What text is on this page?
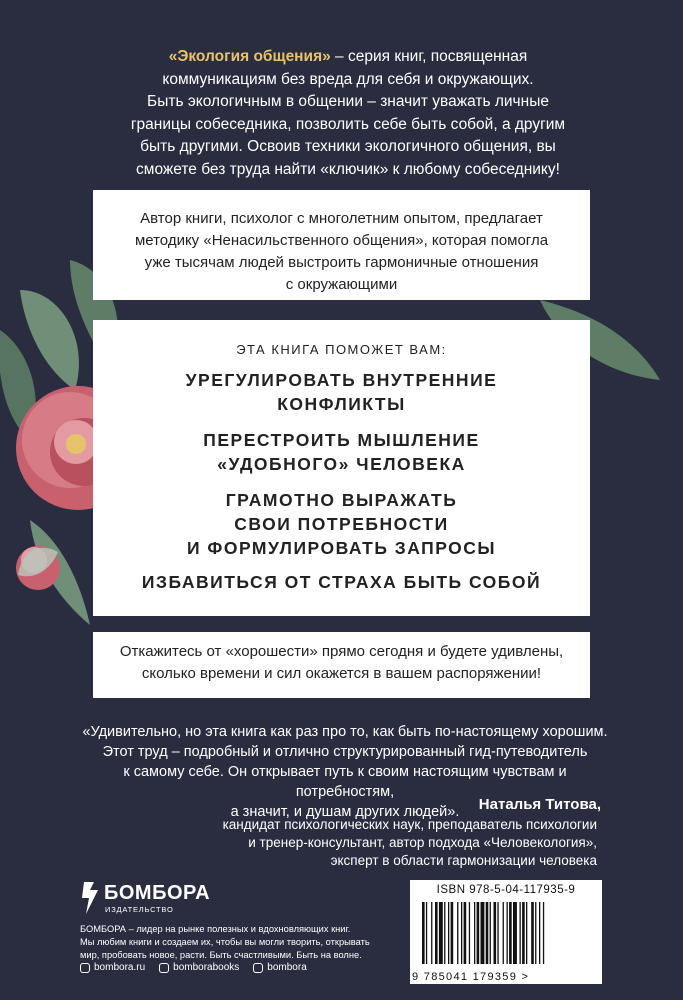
«Экология общения» – серия книг, посвященная
коммуникациям без вреда для себя и окружающих.
Быть экологичным в общении – значит уважать личные
границы собеседника, позволить себе быть собой, а другим
быть другими. Освоив техники экологичного общения, вы
сможете без труда найти «ключик» к любому собеседнику!
Автор книги, психолог с многолетним опытом, предлагает
методику «Ненасильственного общения», которая помогла
уже тысячам людей выстроить гармоничные отношения
с окружающими
ЭТА КНИГА ПОМОЖЕТ ВАМ:
УРЕГУЛИРОВАТЬ ВНУТРЕННИЕ
КОНФЛИКТЫ
ПЕРЕСТРОИТЬ МЫШЛЕНИЕ
«УДОБНОГО» ЧЕЛОВЕКА
ГРАМОТНО ВЫРАЖАТЬ
СВОИ ПОТРЕБНОСТИ
И ФОРМУЛИРОВАТЬ ЗАПРОСЫ
ИЗБАВИТЬСЯ ОТ СТРАХА БЫТЬ СОБОЙ
Откажитесь от «хорошести» прямо сегодня и будете удивлены,
сколько времени и сил окажется в вашем распоряжении!
«Удивительно, но эта книга как раз про то, как быть по-настоящему хорошим.
Этот труд – подробный и отлично структурированный гид-путеводитель
к самому себе. Он открывает путь к своим настоящим чувствам и потребностям,
а значит, и душам других людей».	Наталья Титова,
кандидат психологических наук, преподаватель психологии
и тренер-консультант, автор подхода «Человекология»,
эксперт в области гармонизации человека
БОМБОРА
ИЗДАТЕЛЬСТВО
БОМБОРА – лидер на рынке полезных и вдохновляющих книг.
Мы любим книги и создаем их, чтобы вы могли творить, открывать
мир, пробовать новое, расти. Быть счастливыми. Быть на волне.
bombora.ru	bomborabooks	bombora
ISBN 978-5-04-117935-9
9 785041 179359 >
